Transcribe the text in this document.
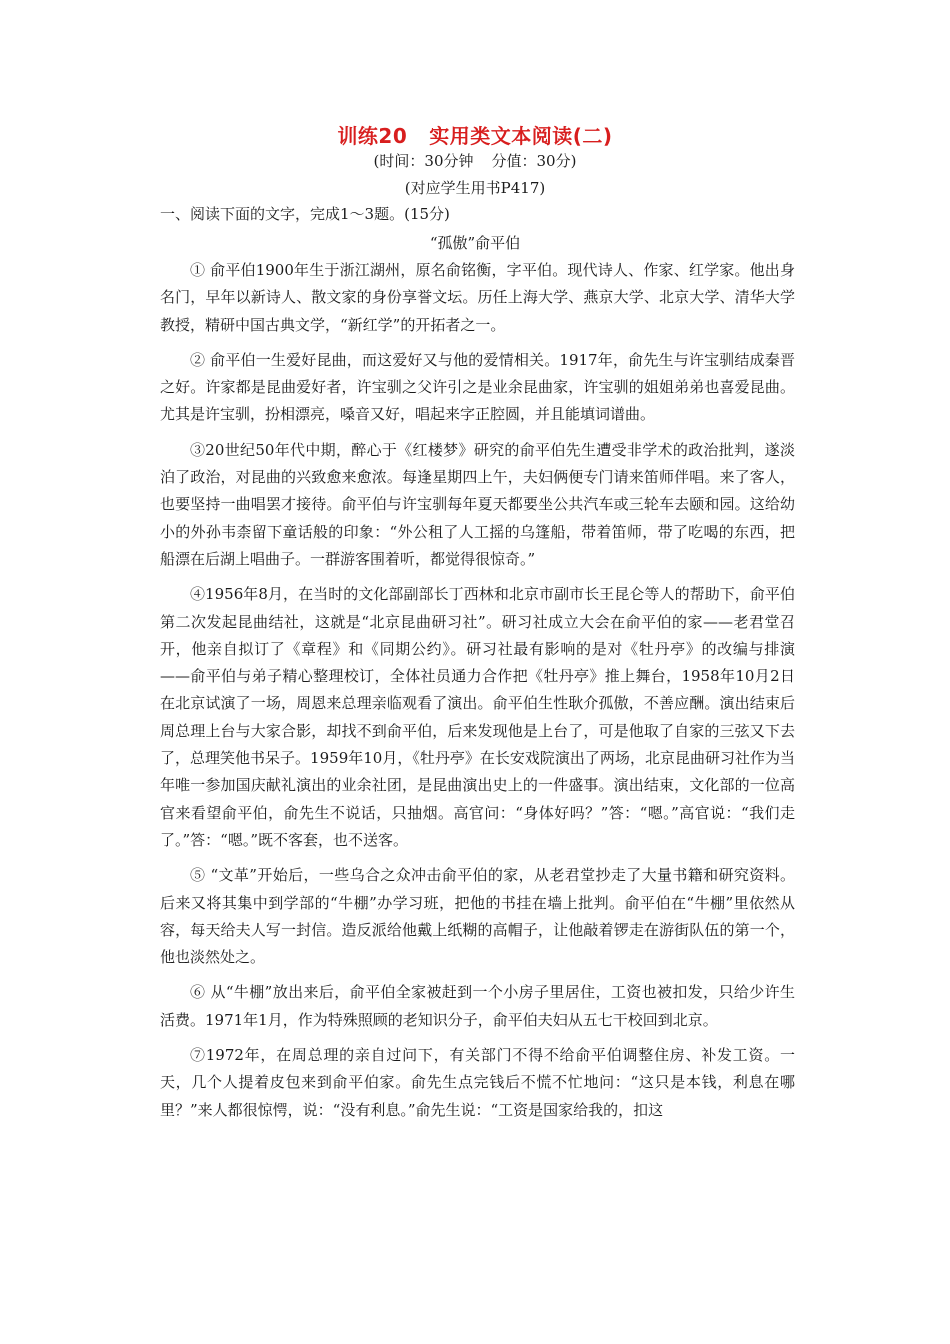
训练20 实用类文本阅读(二)
(时间：30分钟 分值：30分)
(对应学生用书P417)
一、阅读下面的文字，完成1～3题。(15分)
“孤傲”俞平伯

① 俞平伯1900年生于浙江湖州，原名俞铭衡，字平伯。现代诗人、作家、红学家。他出身名门，早年以新诗人、散文家的身份享誉文坛。历任上海大学、燕京大学、北京大学、清华大学教授，精研中国古典文学，“新红学”的开拓者之一。

② 俞平伯一生爱好昆曲，而这爱好又与他的爱情相关。1917年，俞先生与许宝驯结成秦晋之好。许家都是昆曲爱好者，许宝驯之父许引之是业余昆曲家，许宝驯的姐姐弟弟也喜爱昆曲。尤其是许宝驯，扮相漂亮，嗓音又好，唱起来字正腔圆，并且能填词谱曲。

③20世纪50年代中期，醉心于《红楼梦》研究的俞平伯先生遭受非学术的政治批判，遂淡泊了政治，对昆曲的兴致愈来愈浓。每逢星期四上午，夫妇俩便专门请来笛师伴唱。来了客人，也要坚持一曲唱罢才接待。俞平伯与许宝驯每年夏天都要坐公共汽车或三轮车去颐和园。这给幼小的外孙韦柰留下童话般的印象：“外公租了人工摇的乌篷船，带着笛师，带了吃喝的东西，把船漂在后湖上唱曲子。一群游客围着听，都觉得很惊奇。”

④1956年8月，在当时的文化部副部长丁西林和北京市副市长王昆仑等人的帮助下，俞平伯第二次发起昆曲结社，这就是“北京昆曲研习社”。研习社成立大会在俞平伯的家——老君堂召开，他亲自拟订了《章程》和《同期公约》。研习社最有影响的是对《牡丹亭》的改编与排演——俞平伯与弟子精心整理校订，全体社员通力合作把《牡丹亭》推上舞台，1958年10月2日在北京试演了一场，周恩来总理亲临观看了演出。俞平伯生性耿介孤傲，不善应酬。演出结束后周总理上台与大家合影，却找不到俞平伯，后来发现他是上台了，可是他取了自家的三弦又下去了，总理笑他书呆子。1959年10月，《牡丹亭》在长安戏院演出了两场，北京昆曲研习社作为当年唯一参加国庆献礼演出的业余社团，是昆曲演出史上的一件盛事。演出结束，文化部的一位高官来看望俞平伯，俞先生不说话，只抽烟。高官问：“身体好吗？”答：“嗯。”高官说：“我们走了。”答：“嗯。”既不客套，也不送客。

⑤ “文革”开始后，一些乌合之众冲击俞平伯的家，从老君堂抄走了大量书籍和研究资料。后来又将其集中到学部的“牛棚”办学习班，把他的书挂在墙上批判。俞平伯在“牛棚”里依然从容，每天给夫人写一封信。造反派给他戴上纸糊的高帽子，让他敲着锣走在游街队伍的第一个，他也淡然处之。

⑥ 从“牛棚”放出来后，俞平伯全家被赶到一个小房子里居住，工资也被扣发，只给少许生活费。1971年1月，作为特殊照顾的老知识分子，俞平伯夫妇从五七干校回到北京。

⑦1972年，在周总理的亲自过问下，有关部门不得不给俞平伯调整住房、补发工资。一天，几个人提着皮包来到俞平伯家。俞先生点完钱后不慌不忙地问：“这只是本钱，利息在哪里？”来人都很惊愕，说：“没有利息。”俞先生说：“工资是国家给我的，扣这
